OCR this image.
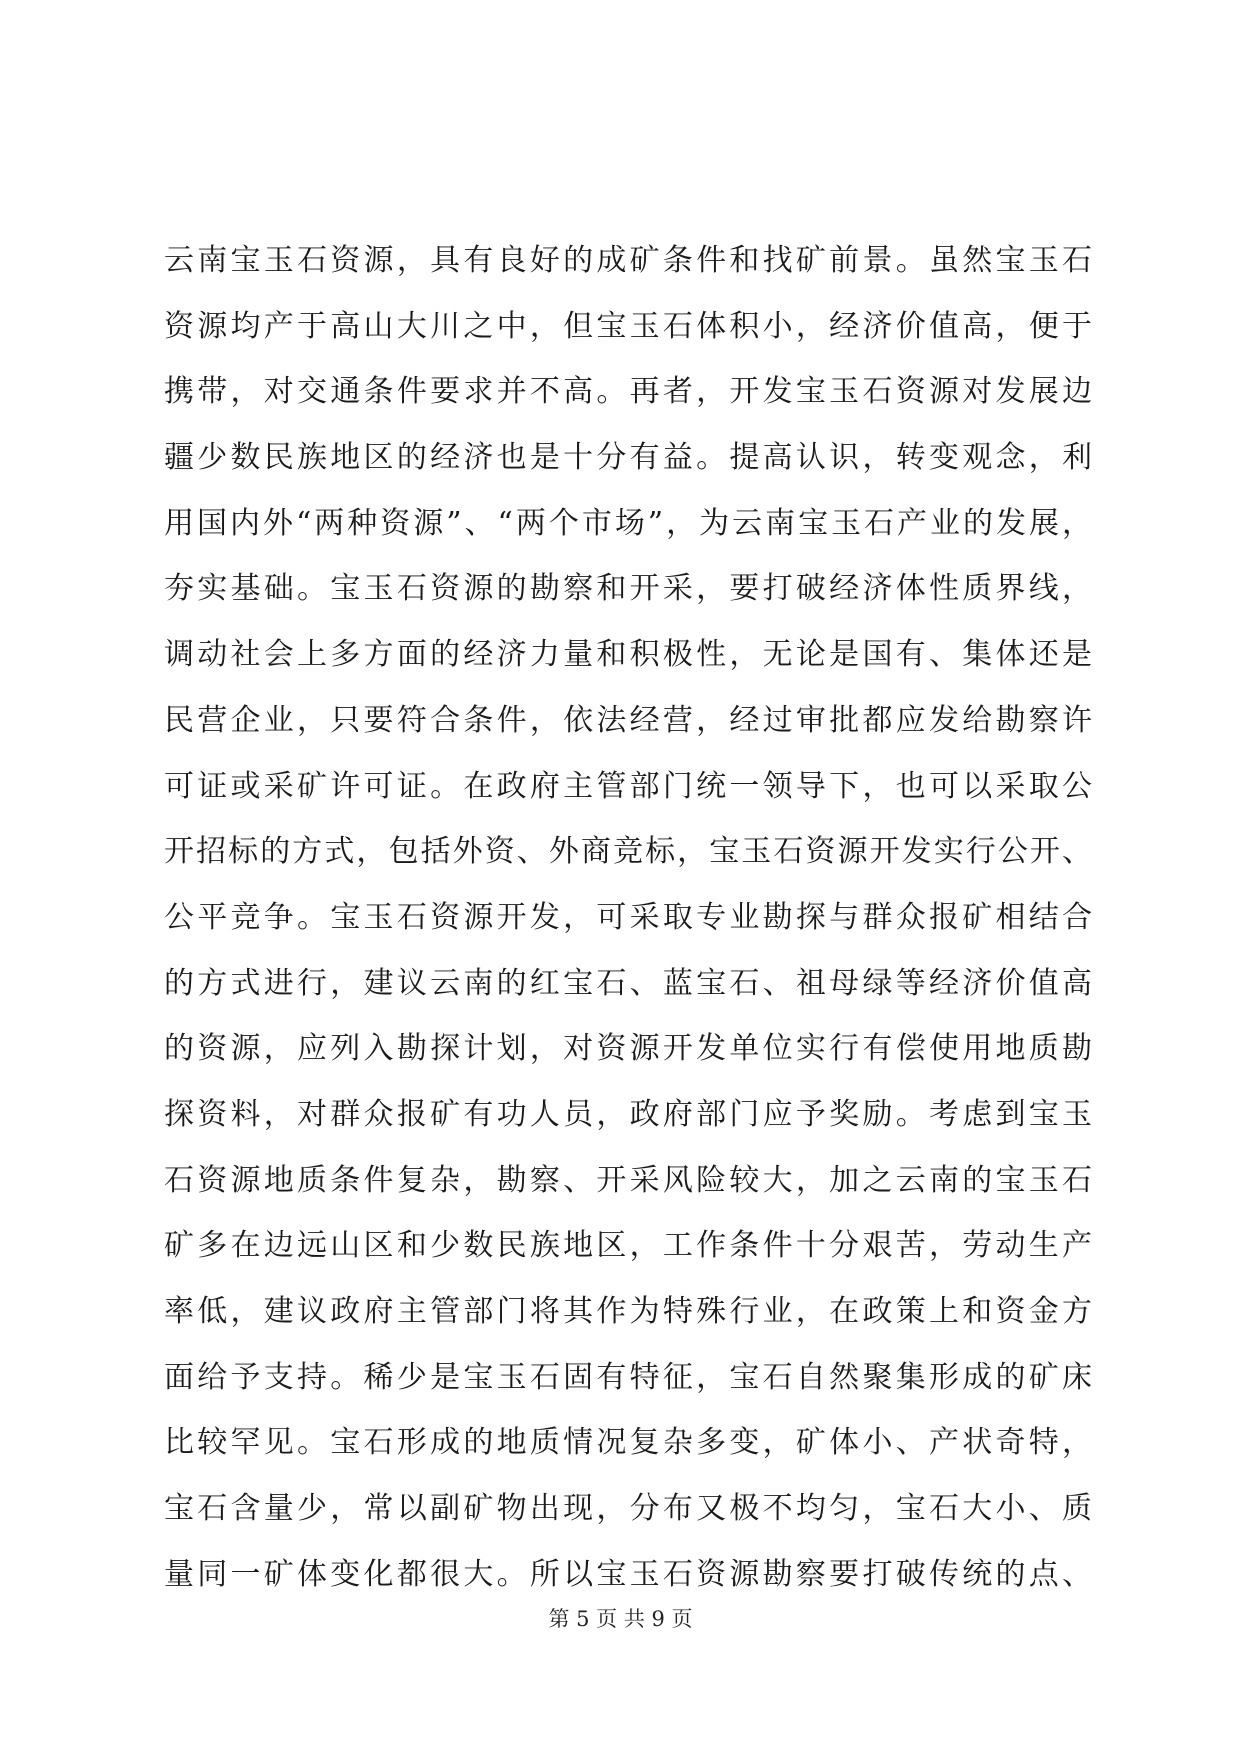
云南宝玉石资源，具有良好的成矿条件和找矿前景。虽然宝玉石
资源均产于高山大川之中，但宝玉石体积小，经济价值高，便于
携带，对交通条件要求并不高。再者，开发宝玉石资源对发展边
疆少数民族地区的经济也是十分有益。提高认识，转变观念，利
用国内外“两种资源”、“两个市场”，为云南宝玉石产业的发展，
夯实基础。宝玉石资源的勘察和开采，要打破经济体性质界线，
调动社会上多方面的经济力量和积极性，无论是国有、集体还是
民营企业，只要符合条件，依法经营，经过审批都应发给勘察许
可证或采矿许可证。在政府主管部门统一领导下，也可以采取公
开招标的方式，包括外资、外商竞标，宝玉石资源开发实行公开、
公平竞争。宝玉石资源开发，可采取专业勘探与群众报矿相结合
的方式进行，建议云南的红宝石、蓝宝石、祖母绿等经济价值高
的资源，应列入勘探计划，对资源开发单位实行有偿使用地质勘
探资料，对群众报矿有功人员，政府部门应予奖励。考虑到宝玉
石资源地质条件复杂，勘察、开采风险较大，加之云南的宝玉石
矿多在边远山区和少数民族地区，工作条件十分艰苦，劳动生产
率低，建议政府主管部门将其作为特殊行业，在政策上和资金方
面给予支持。稀少是宝玉石固有特征，宝石自然聚集形成的矿床
比较罕见。宝石形成的地质情况复杂多变，矿体小、产状奇特，
宝石含量少，常以副矿物出现，分布又极不均匀，宝石大小、质
量同一矿体变化都很大。所以宝玉石资源勘察要打破传统的点、
第 5 页 共 9 页
